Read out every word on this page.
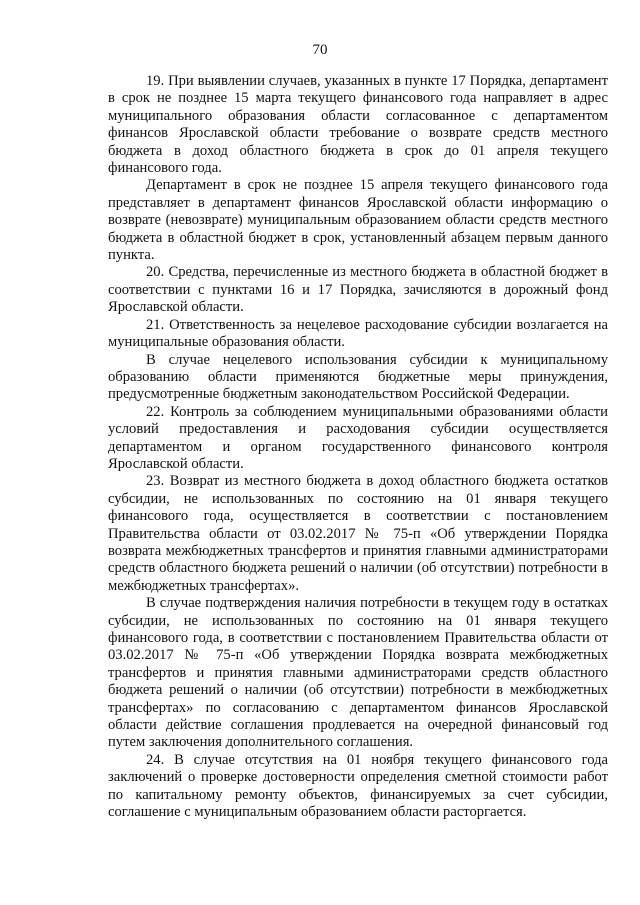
70

19. При выявлении случаев, указанных в пункте 17 Порядка, департамент в срок не позднее 15 марта текущего финансового года направляет в адрес муниципального образования области согласованное с департаментом финансов Ярославской области требование о возврате средств местного бюджета в доход областного бюджета в срок до 01 апреля текущего финансового года.

Департамент в срок не позднее 15 апреля текущего финансового года представляет в департамент финансов Ярославской области информацию о возврате (невозврате) муниципальным образованием области средств местного бюджета в областной бюджет в срок, установленный абзацем первым данного пункта.

20. Средства, перечисленные из местного бюджета в областной бюджет в соответствии с пунктами 16 и 17 Порядка, зачисляются в дорожный фонд Ярославской области.

21. Ответственность за нецелевое расходование субсидии возлагается на муниципальные образования области.

В случае нецелевого использования субсидии к муниципальному образованию области применяются бюджетные меры принуждения, предусмотренные бюджетным законодательством Российской Федерации.

22. Контроль за соблюдением муниципальными образованиями области условий предоставления и расходования субсидии осуществляется департаментом и органом государственного финансового контроля Ярославской области.

23. Возврат из местного бюджета в доход областного бюджета остатков субсидии, не использованных по состоянию на 01 января текущего финансового года, осуществляется в соответствии с постановлением Правительства области от 03.02.2017 № 75-п «Об утверждении Порядка возврата межбюджетных трансфертов и принятия главными администраторами средств областного бюджета решений о наличии (об отсутствии) потребности в межбюджетных трансфертах».

В случае подтверждения наличия потребности в текущем году в остатках субсидии, не использованных по состоянию на 01 января текущего финансового года, в соответствии с постановлением Правительства области от 03.02.2017 № 75-п «Об утверждении Порядка возврата межбюджетных трансфертов и принятия главными администраторами средств областного бюджета решений о наличии (об отсутствии) потребности в межбюджетных трансфертах» по согласованию с департаментом финансов Ярославской области действие соглашения продлевается на очередной финансовый год путем заключения дополнительного соглашения.

24. В случае отсутствия на 01 ноября текущего финансового года заключений о проверке достоверности определения сметной стоимости работ по капитальному ремонту объектов, финансируемых за счет субсидии, соглашение с муниципальным образованием области расторгается.
